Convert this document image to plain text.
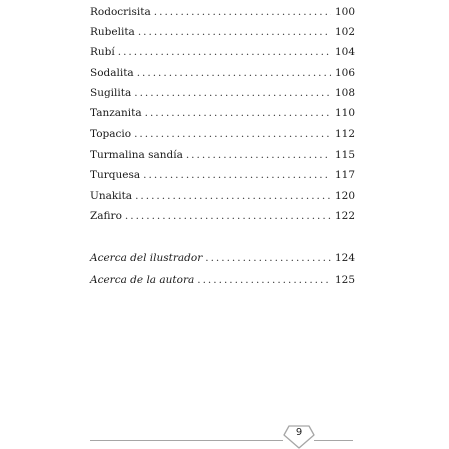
Rodocrisita .....	100
Rubelita .....	102
Rubí .....	104
Sodalita .....	106
Sugilita .....	108
Tanzanita .....	110
Topacio .....	112
Turmalina sandía .....	115
Turquesa .....	117
Unakita .....	120
Zafiro .....	122
Acerca del ilustrador .....	124
Acerca de la autora .....	125
9
